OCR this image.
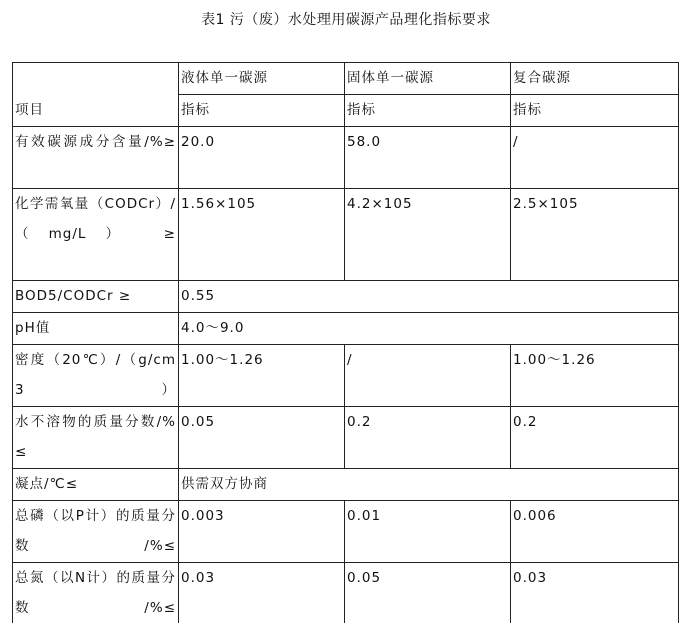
表1 污（废）水处理用碳源产品理化指标要求
项目	液体单一碳源	固体单一碳源	复合碳源
	指标	指标	指标
有效碳源成分含量/%≥	20.0	58.0	/
化学需氧量（CODCr）/（mg/L） ≥	1.56×105	4.2×105	2.5×105
BOD5/CODCr ≥	0.55		
pH值	4.0～9.0		
密度（20℃）/（g/cm3）	1.00～1.26	/	1.00～1.26
水不溶物的质量分数/%≤	0.05	0.2	0.2
凝点/℃≤	供需双方协商		
总磷（以P计）的质量分数/%≤	0.003	0.01	0.006
总氮（以N计）的质量分数/%≤	0.03	0.05	0.03
